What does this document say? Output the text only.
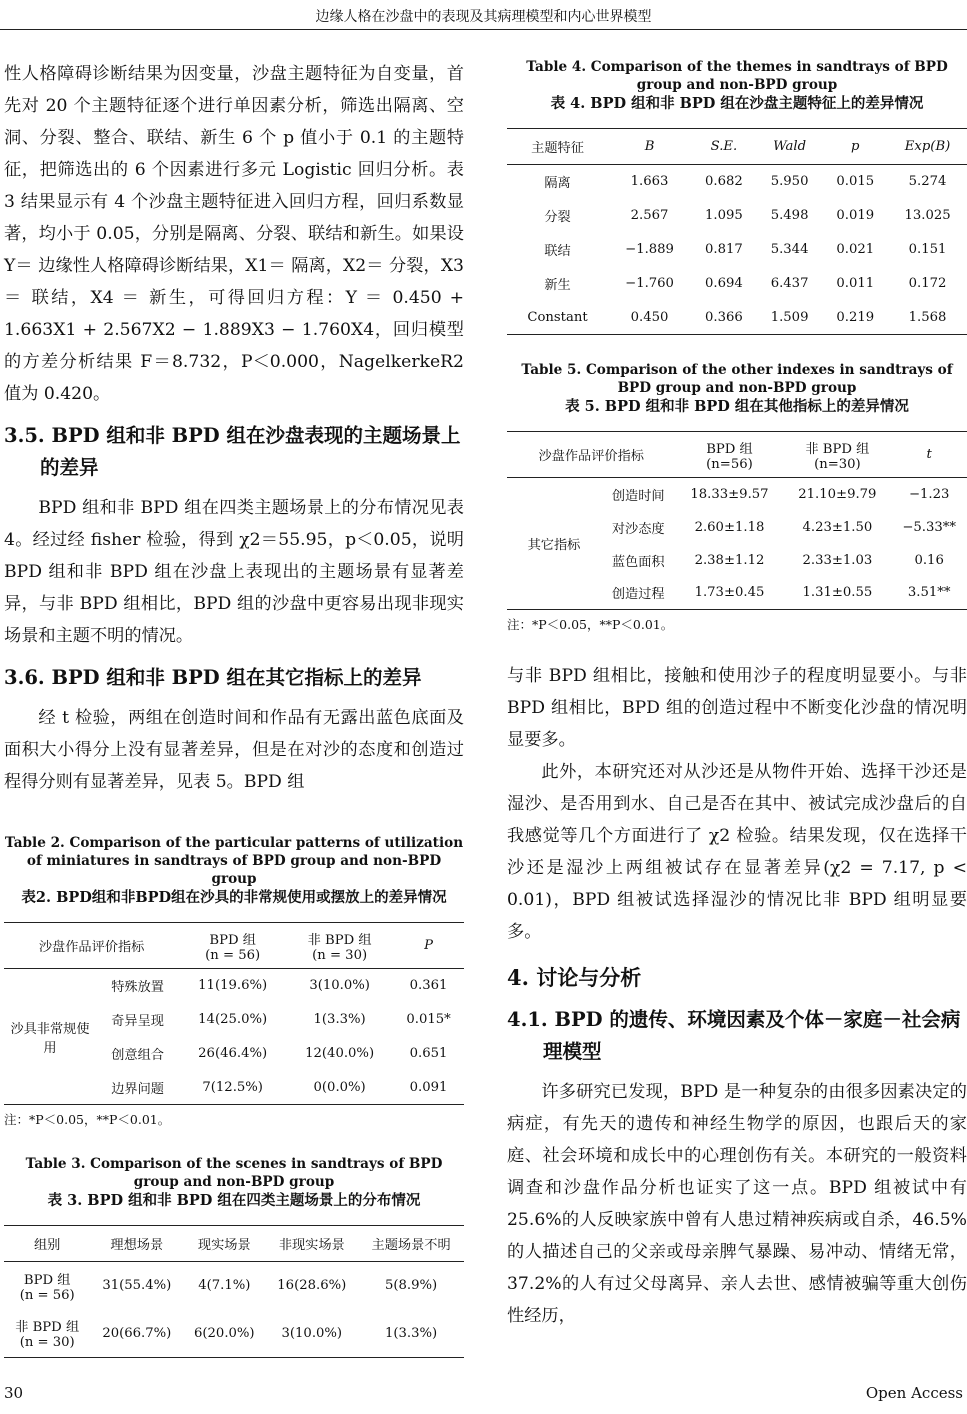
边缘人格在沙盘中的表现及其病理模型和内心世界模型

性人格障碍诊断结果为因变量，沙盘主题特征为自变量，首先对 20 个主题特征逐个进行单因素分析，筛选出隔离、空洞、分裂、整合、联结、新生 6 个 p 值小于 0.1 的主题特征，把筛选出的 6 个因素进行多元 Logistic 回归分析。表 3 结果显示有 4 个沙盘主题特征进入回归方程，回归系数显著，均小于 0.05，分别是隔离、分裂、联结和新生。如果设 Y＝ 边缘性人格障碍诊断结果，X1＝ 隔离，X2＝ 分裂，X3＝ 联结，X4 ＝ 新生，可得回归方程：Y ＝ 0.450 + 1.663X1 + 2.567X2 − 1.889X3 − 1.760X4，回归模型的方差分析结果 F＝8.732，P＜0.000，NagelkerkeR2 值为 0.420。

3.5. BPD 组和非 BPD 组在沙盘表现的主题场景上的差异

BPD 组和非 BPD 组在四类主题场景上的分布情况见表 4。经过经 fisher 检验，得到 χ2＝55.95，p＜0.05，说明 BPD 组和非 BPD 组在沙盘上表现出的主题场景有显著差异，与非 BPD 组相比，BPD 组的沙盘中更容易出现非现实场景和主题不明的情况。

3.6. BPD 组和非 BPD 组在其它指标上的差异

经 t 检验，两组在创造时间和作品有无露出蓝色底面及面积大小得分上没有显著差异，但是在对沙的态度和创造过程得分则有显著差异，见表 5。BPD 组

Table 2. Comparison of the particular patterns of utilization of miniatures in sandtrays of BPD group and non-BPD group

表2. BPD组和非BPD组在沙具的非常规使用或摆放上的差异情况

沙盘作品评价指标		BPD 组
(n = 56)	非 BPD 组
(n = 30)	P
沙具非常规使用	特殊放置	11(19.6%)	3(10.0%)	0.361
	奇异呈现	14(25.0%)	1(3.3%)	0.015*
	创意组合	26(46.4%)	12(40.0%)	0.651
	边界问题	7(12.5%)	0(0.0%)	0.091

注：*P＜0.05，**P＜0.01。

Table 3. Comparison of the scenes in sandtrays of BPD group and non-BPD group

表 3. BPD 组和非 BPD 组在四类主题场景上的分布情况

组别	理想场景	现实场景	非现实场景	主题场景不明
BPD 组
(n = 56)	31(55.4%)	4(7.1%)	16(28.6%)	5(8.9%)
非 BPD 组
(n = 30)	20(66.7%)	6(20.0%)	3(10.0%)	1(3.3%)

Table 4. Comparison of the themes in sandtrays of BPD group and non-BPD group

表 4. BPD 组和非 BPD 组在沙盘主题特征上的差异情况

主题特征	B	S.E.	Wald	p	Exp(B)
隔离	1.663	0.682	5.950	0.015	5.274
分裂	2.567	1.095	5.498	0.019	13.025
联结	−1.889	0.817	5.344	0.021	0.151
新生	−1.760	0.694	6.437	0.011	0.172
Constant	0.450	0.366	1.509	0.219	1.568

Table 5. Comparison of the other indexes in sandtrays of BPD group and non-BPD group

表 5. BPD 组和非 BPD 组在其他指标上的差异情况

沙盘作品评价指标		BPD 组
(n=56)	非 BPD 组
(n=30)	t
其它指标	创造时间	18.33±9.57	21.10±9.79	−1.23
	对沙态度	2.60±1.18	4.23±1.50	−5.33**
	蓝色面积	2.38±1.12	2.33±1.03	0.16
	创造过程	1.73±0.45	1.31±0.55	3.51**

注：*P＜0.05，**P＜0.01。

与非 BPD 组相比，接触和使用沙子的程度明显要小。与非 BPD 组相比，BPD 组的创造过程中不断变化沙盘的情况明显要多。

此外，本研究还对从沙还是从物件开始、选择干沙还是湿沙、是否用到水、自己是否在其中、被试完成沙盘后的自我感觉等几个方面进行了 χ2 检验。结果发现，仅在选择干沙还是湿沙上两组被试存在显著差异(χ2 = 7.17, p < 0.01)，BPD 组被试选择湿沙的情况比非 BPD 组明显要多。

4. 讨论与分析
4.1. BPD 的遗传、环境因素及个体－家庭－社会病理模型

许多研究已发现，BPD 是一种复杂的由很多因素决定的病症，有先天的遗传和神经生物学的原因，也跟后天的家庭、社会环境和成长中的心理创伤有关。本研究的一般资料调查和沙盘作品分析也证实了这一点。BPD 组被试中有 25.6%的人反映家族中曾有人患过精神疾病或自杀，46.5%的人描述自己的父亲或母亲脾气暴躁、易冲动、情绪无常，37.2%的人有过父母离异、亲人去世、感情被骗等重大创伤性经历，

30	Open Access
